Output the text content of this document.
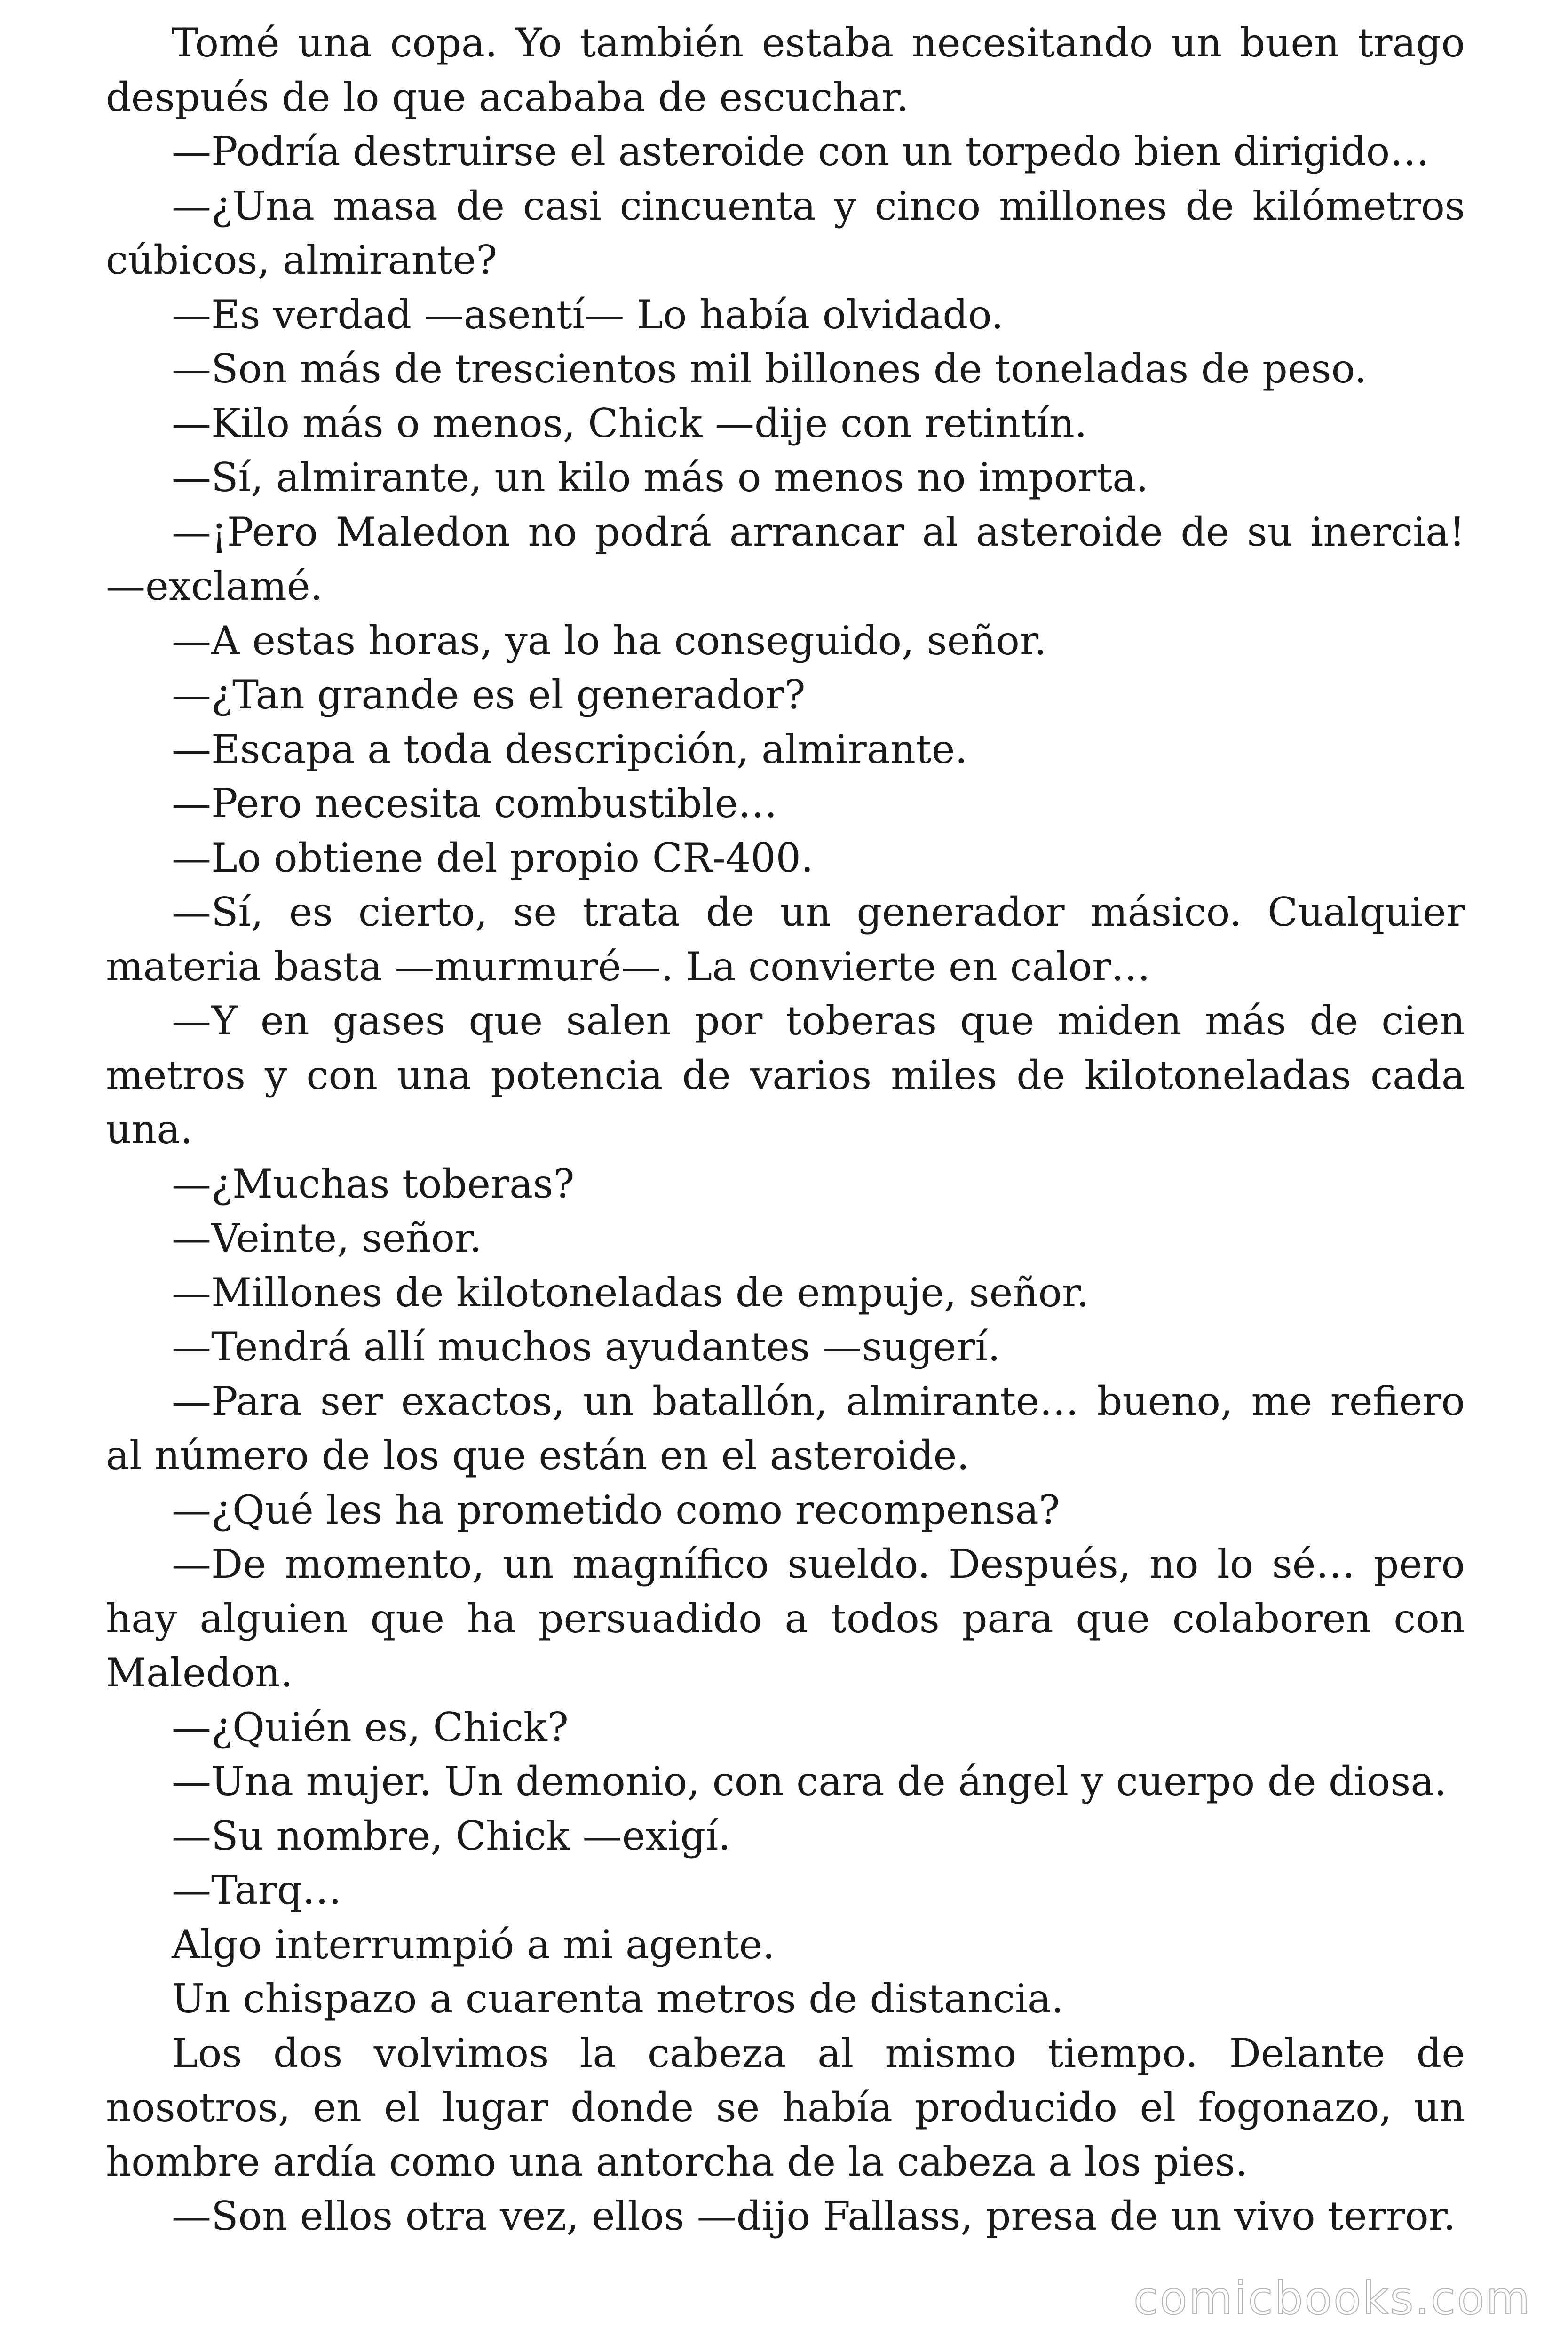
Tomé una copa. Yo también estaba necesitando un buen trago después de lo que acababa de escuchar.

—Podría destruirse el asteroide con un torpedo bien dirigido…

—¿Una masa de casi cincuenta y cinco millones de kilómetros cúbicos, almirante?

—Es verdad —asentí— Lo había olvidado.

—Son más de trescientos mil billones de toneladas de peso.

—Kilo más o menos, Chick —dije con retintín.

—Sí, almirante, un kilo más o menos no importa.

—¡Pero Maledon no podrá arrancar al asteroide de su inercia! —exclamé.

—A estas horas, ya lo ha conseguido, señor.

—¿Tan grande es el generador?

—Escapa a toda descripción, almirante.

—Pero necesita combustible…

—Lo obtiene del propio CR-400.

—Sí, es cierto, se trata de un generador másico. Cualquier materia basta —murmuré—. La convierte en calor…

—Y en gases que salen por toberas que miden más de cien metros y con una potencia de varios miles de kilotoneladas cada una.

—¿Muchas toberas?

—Veinte, señor.

—Millones de kilotoneladas de empuje, señor.

—Tendrá allí muchos ayudantes —sugerí.

—Para ser exactos, un batallón, almirante… bueno, me refiero al número de los que están en el asteroide.

—¿Qué les ha prometido como recompensa?

—De momento, un magnífico sueldo. Después, no lo sé… pero hay alguien que ha persuadido a todos para que colaboren con Maledon.

—¿Quién es, Chick?

—Una mujer. Un demonio, con cara de ángel y cuerpo de diosa.

—Su nombre, Chick —exigí.

—Tarq…

Algo interrumpió a mi agente.

Un chispazo a cuarenta metros de distancia.

Los dos volvimos la cabeza al mismo tiempo. Delante de nosotros, en el lugar donde se había producido el fogonazo, un hombre ardía como una antorcha de la cabeza a los pies.

—Son ellos otra vez, ellos —dijo Fallass, presa de un vivo terror.

comicbooks.com
